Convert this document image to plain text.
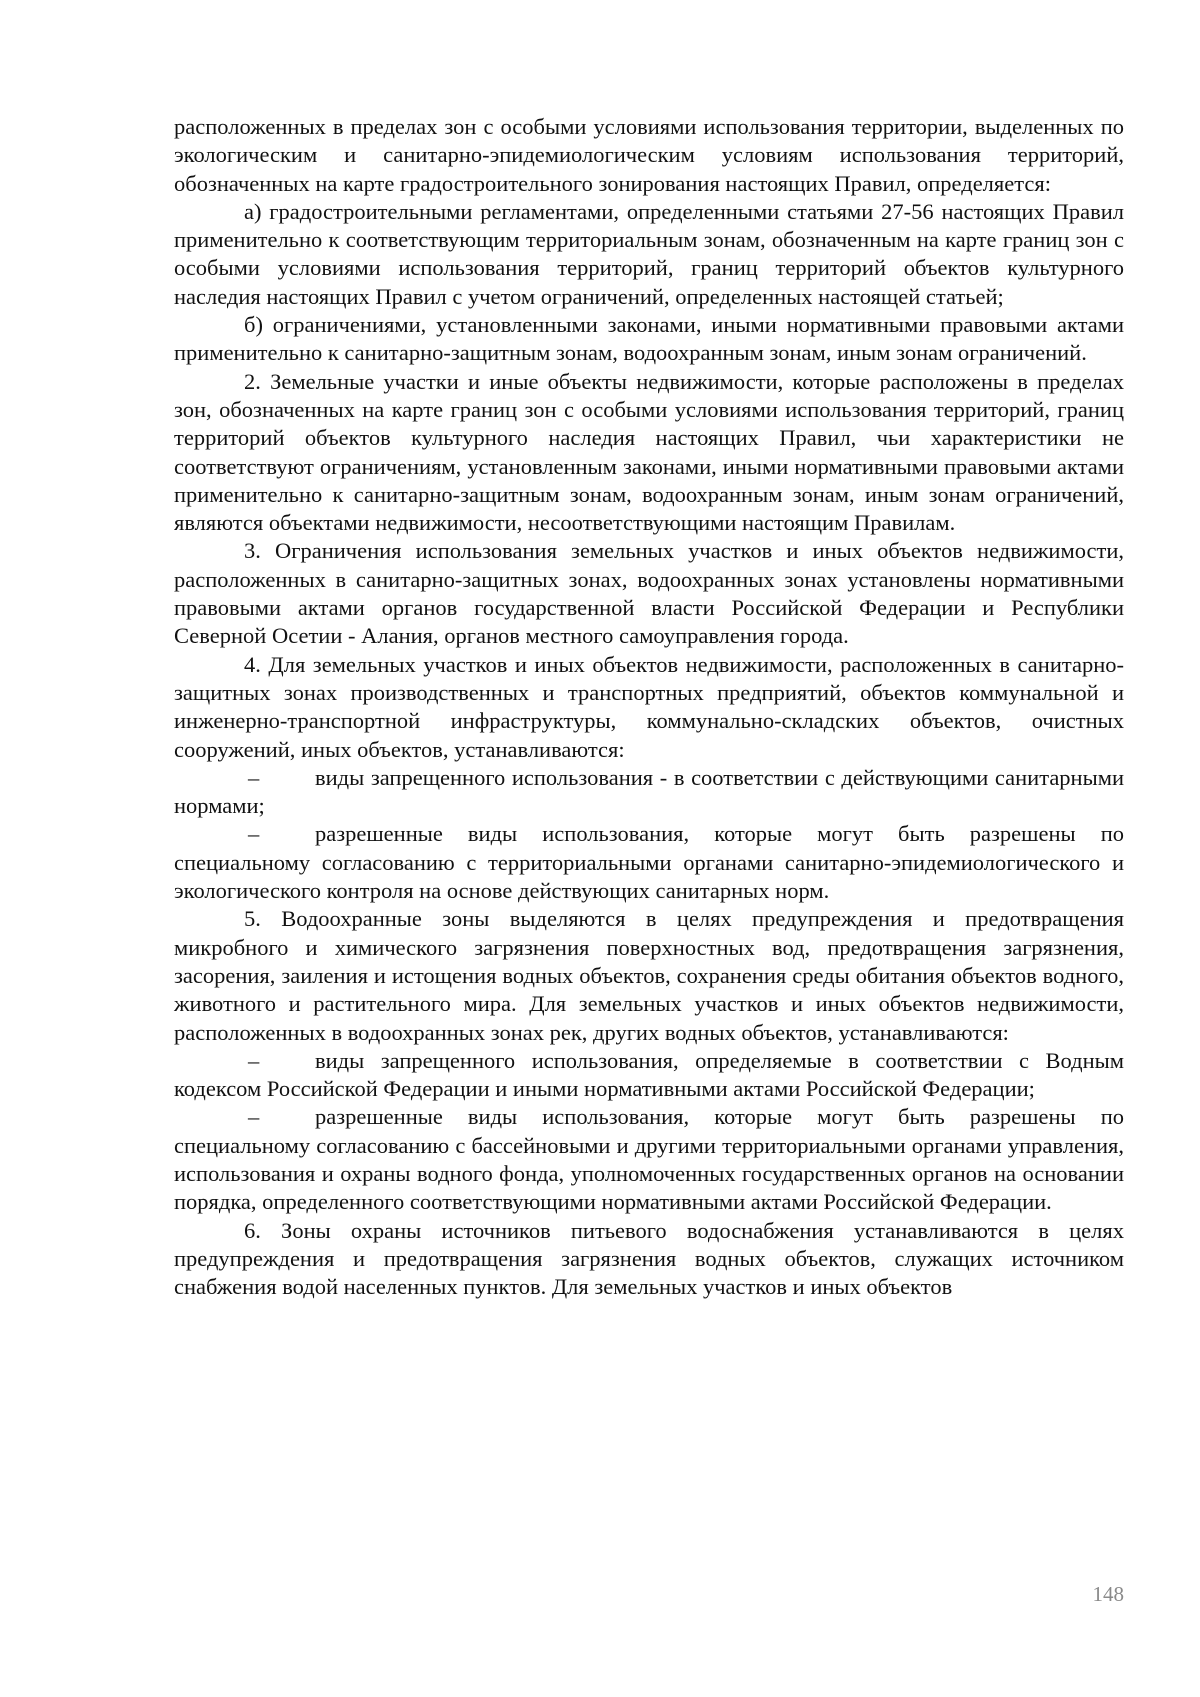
расположенных в пределах зон с особыми условиями использования территории, выделенных по экологическим и санитарно-эпидемиологическим условиям использования территорий, обозначенных на карте градостроительного зонирования настоящих Правил, определяется:

а) градостроительными регламентами, определенными статьями 27-56 настоящих Правил применительно к соответствующим территориальным зонам, обозначенным на карте границ зон с особыми условиями использования территорий, границ территорий объектов культурного наследия настоящих Правил с учетом ограничений, определенных настоящей статьей;

б) ограничениями, установленными законами, иными нормативными правовыми актами применительно к санитарно-защитным зонам, водоохранным зонам, иным зонам ограничений.

2. Земельные участки и иные объекты недвижимости, которые расположены в пределах зон, обозначенных на карте границ зон с особыми условиями использования территорий, границ территорий объектов культурного наследия настоящих Правил, чьи характеристики не соответствуют ограничениям, установленным законами, иными нормативными правовыми актами применительно к санитарно-защитным зонам, водоохранным зонам, иным зонам ограничений, являются объектами недвижимости, несоответствующими настоящим Правилам.

3. Ограничения использования земельных участков и иных объектов недвижимости, расположенных в санитарно-защитных зонах, водоохранных зонах установлены нормативными правовыми актами органов государственной власти Российской Федерации и Республики Северной Осетии - Алания, органов местного самоуправления города.

4. Для земельных участков и иных объектов недвижимости, расположенных в санитарно-защитных зонах производственных и транспортных предприятий, объектов коммунальной и инженерно-транспортной инфраструктуры, коммунально-складских объектов, очистных сооружений, иных объектов, устанавливаются:

– виды запрещенного использования - в соответствии с действующими санитарными нормами;

– разрешенные виды использования, которые могут быть разрешены по специальному согласованию с территориальными органами санитарно-эпидемиологического и экологического контроля на основе действующих санитарных норм.

5. Водоохранные зоны выделяются в целях предупреждения и предотвращения микробного и химического загрязнения поверхностных вод, предотвращения загрязнения, засорения, заиления и истощения водных объектов, сохранения среды обитания объектов водного, животного и растительного мира. Для земельных участков и иных объектов недвижимости, расположенных в водоохранных зонах рек, других водных объектов, устанавливаются:

– виды запрещенного использования, определяемые в соответствии с Водным кодексом Российской Федерации и иными нормативными актами Российской Федерации;

– разрешенные виды использования, которые могут быть разрешены по специальному согласованию с бассейновыми и другими территориальными органами управления, использования и охраны водного фонда, уполномоченных государственных органов на основании порядка, определенного соответствующими нормативными актами Российской Федерации.

6. Зоны охраны источников питьевого водоснабжения устанавливаются в целях предупреждения и предотвращения загрязнения водных объектов, служащих источником снабжения водой населенных пунктов. Для земельных участков и иных объектов

148
